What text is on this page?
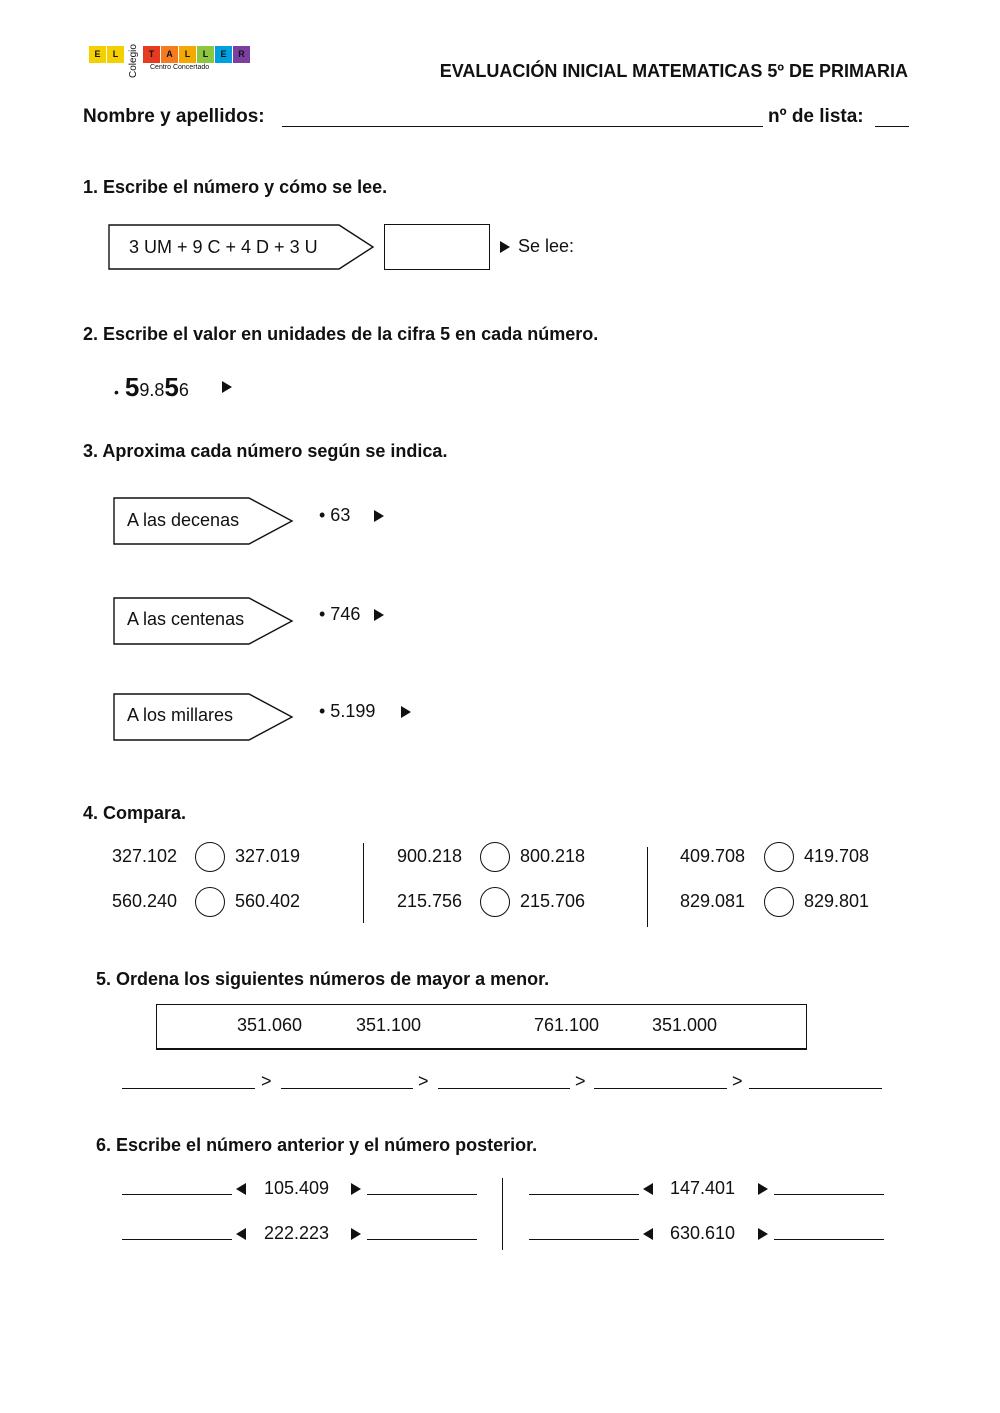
E	L Colegio	T	A	L	L	E	R
Centro Concertado	EVALUACIÓN INICIAL MATEMATICAS 5º DE PRIMARIA
Nombre y apellidos:	nº de lista:
1. Escribe el número y cómo se lee.
3 UM + 9 C + 4 D + 3 U	Se lee:
2. Escribe el valor en unidades de la cifra 5 en cada número.
• 59.856
3. Aproxima cada número según se indica.
A las decenas	• 63
A las centenas	• 746
A los millares	• 5.199
4. Compara.
327.102	327.019
560.240	560.402
900.218	800.218
215.756	215.706
409.708	419.708
829.081	829.801
5. Ordena los siguientes números de mayor a menor.
351.060	351.100	761.100	351.000
>	>	>	>
6. Escribe el número anterior y el número posterior.
105.409
222.223
147.401
630.610
